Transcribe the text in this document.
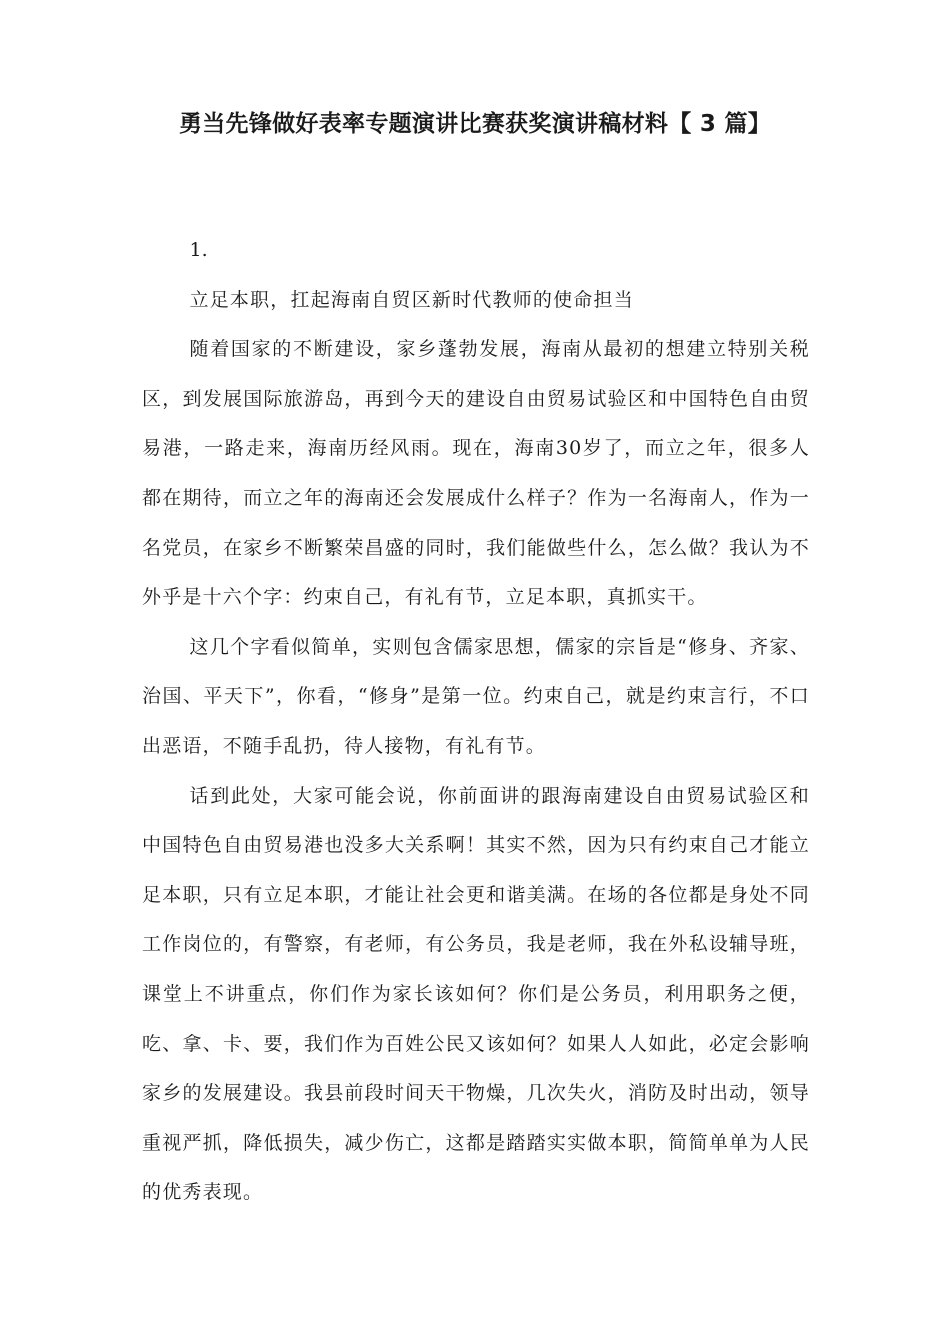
勇当先锋做好表率专题演讲比赛获奖演讲稿材料【 3 篇】

1.

立足本职，扛起海南自贸区新时代教师的使命担当

随着国家的不断建设，家乡蓬勃发展，海南从最初的想建立特别关税区，到发展国际旅游岛，再到今天的建设自由贸易试验区和中国特色自由贸易港，一路走来，海南历经风雨。现在，海南30岁了，而立之年，很多人都在期待，而立之年的海南还会发展成什么样子？作为一名海南人，作为一名党员，在家乡不断繁荣昌盛的同时，我们能做些什么，怎么做？我认为不外乎是十六个字：约束自己，有礼有节，立足本职，真抓实干。

这几个字看似简单，实则包含儒家思想，儒家的宗旨是“修身、齐家、治国、平天下”，你看，“修身”是第一位。约束自己，就是约束言行，不口出恶语，不随手乱扔，待人接物，有礼有节。

话到此处，大家可能会说，你前面讲的跟海南建设自由贸易试验区和中国特色自由贸易港也没多大关系啊！其实不然，因为只有约束自己才能立足本职，只有立足本职，才能让社会更和谐美满。在场的各位都是身处不同工作岗位的，有警察，有老师，有公务员，我是老师，我在外私设辅导班，课堂上不讲重点，你们作为家长该如何？你们是公务员，利用职务之便，吃、拿、卡、要，我们作为百姓公民又该如何？如果人人如此，必定会影响家乡的发展建设。我县前段时间天干物燥，几次失火，消防及时出动，领导重视严抓，降低损失，减少伤亡，这都是踏踏实实做本职，简简单单为人民的优秀表现。
